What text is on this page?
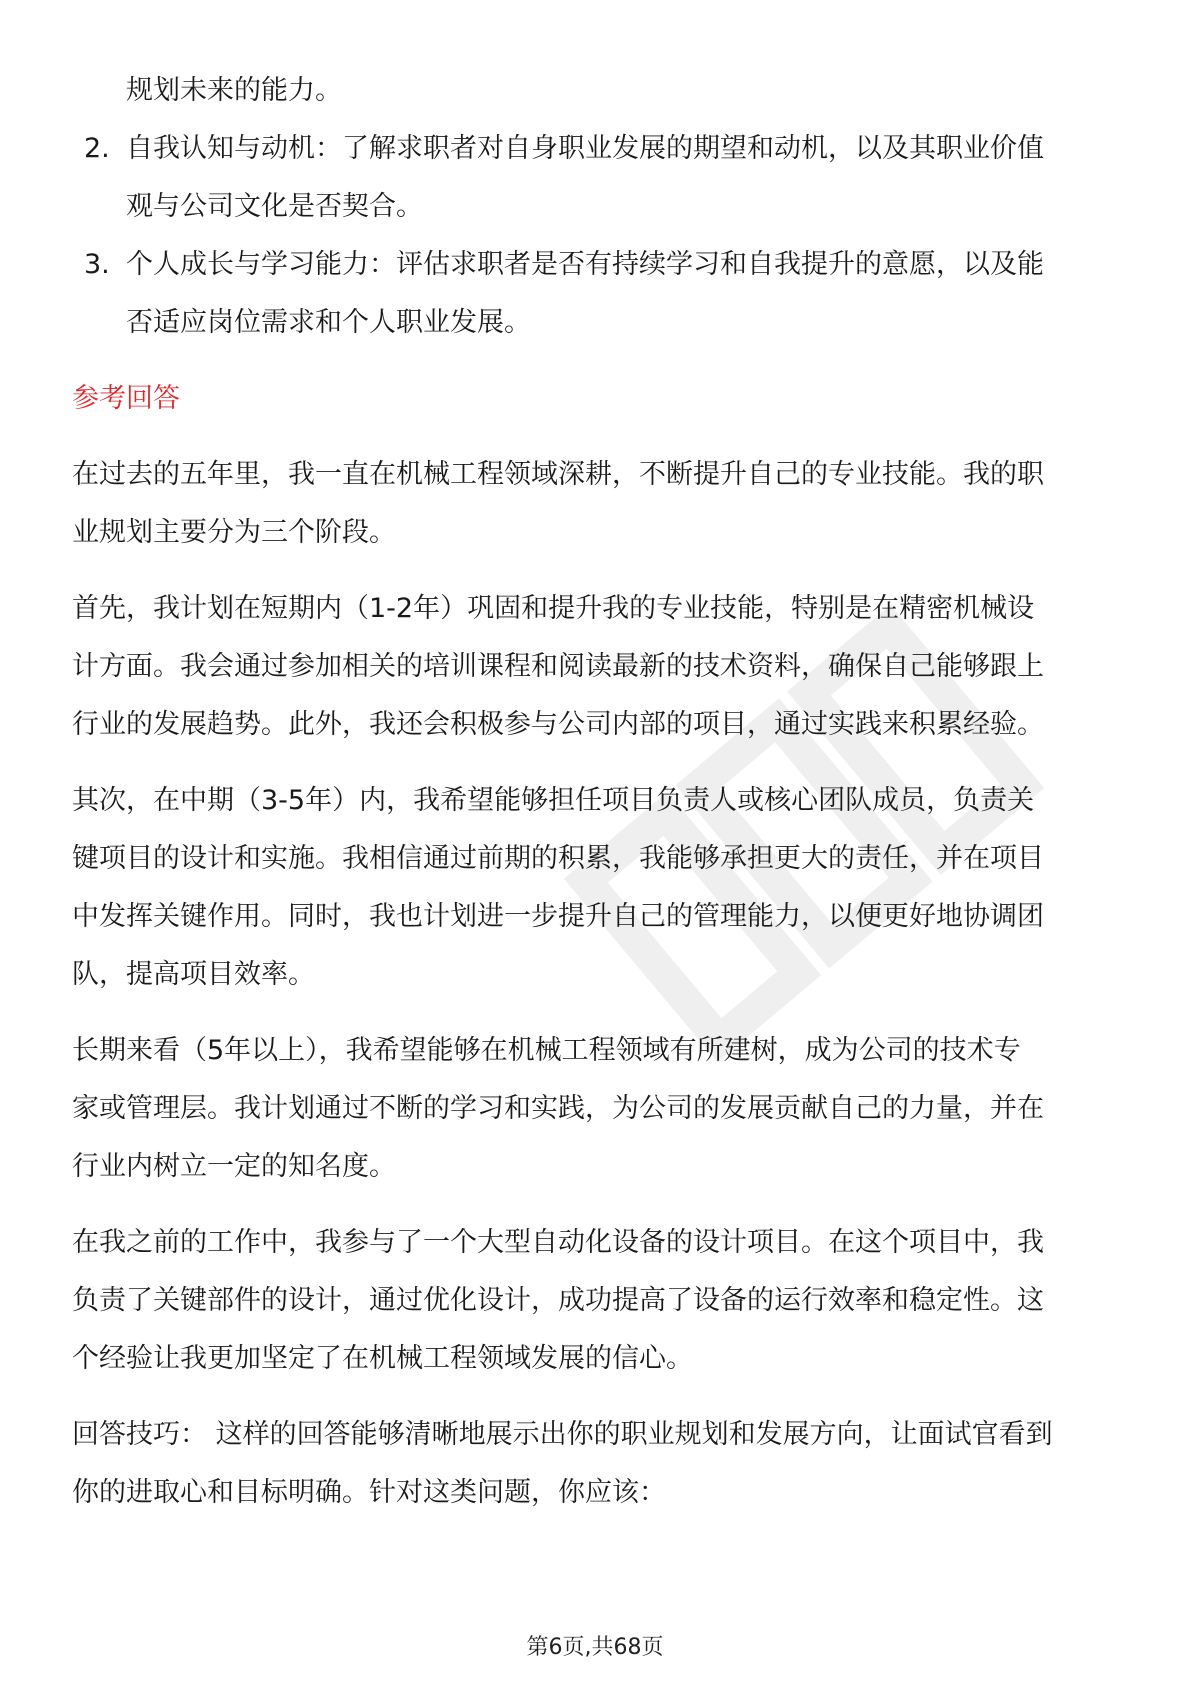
规划未来的能力。

2. 自我认知与动机：了解求职者对自身职业发展的期望和动机，以及其职业价值

观与公司文化是否契合。

3. 个人成长与学习能力：评估求职者是否有持续学习和自我提升的意愿，以及能

否适应岗位需求和个人职业发展。

参考回答

在过去的五年里，我一直在机械工程领域深耕，不断提升自己的专业技能。我的职

业规划主要分为三个阶段。

首先，我计划在短期内（1-2年）巩固和提升我的专业技能，特别是在精密机械设

计方面。我会通过参加相关的培训课程和阅读最新的技术资料，确保自己能够跟上

行业的发展趋势。此外，我还会积极参与公司内部的项目，通过实践来积累经验。

其次，在中期（3-5年）内，我希望能够担任项目负责人或核心团队成员，负责关

键项目的设计和实施。我相信通过前期的积累，我能够承担更大的责任，并在项目

中发挥关键作用。同时，我也计划进一步提升自己的管理能力，以便更好地协调团

队，提高项目效率。

长期来看（5年以上），我希望能够在机械工程领域有所建树，成为公司的技术专

家或管理层。我计划通过不断的学习和实践，为公司的发展贡献自己的力量，并在

行业内树立一定的知名度。

在我之前的工作中，我参与了一个大型自动化设备的设计项目。在这个项目中，我

负责了关键部件的设计，通过优化设计，成功提高了设备的运行效率和稳定性。这

个经验让我更加坚定了在机械工程领域发展的信心。

回答技巧： 这样的回答能够清晰地展示出你的职业规划和发展方向，让面试官看到

你的进取心和目标明确。针对这类问题，你应该：

第6页,共68页
